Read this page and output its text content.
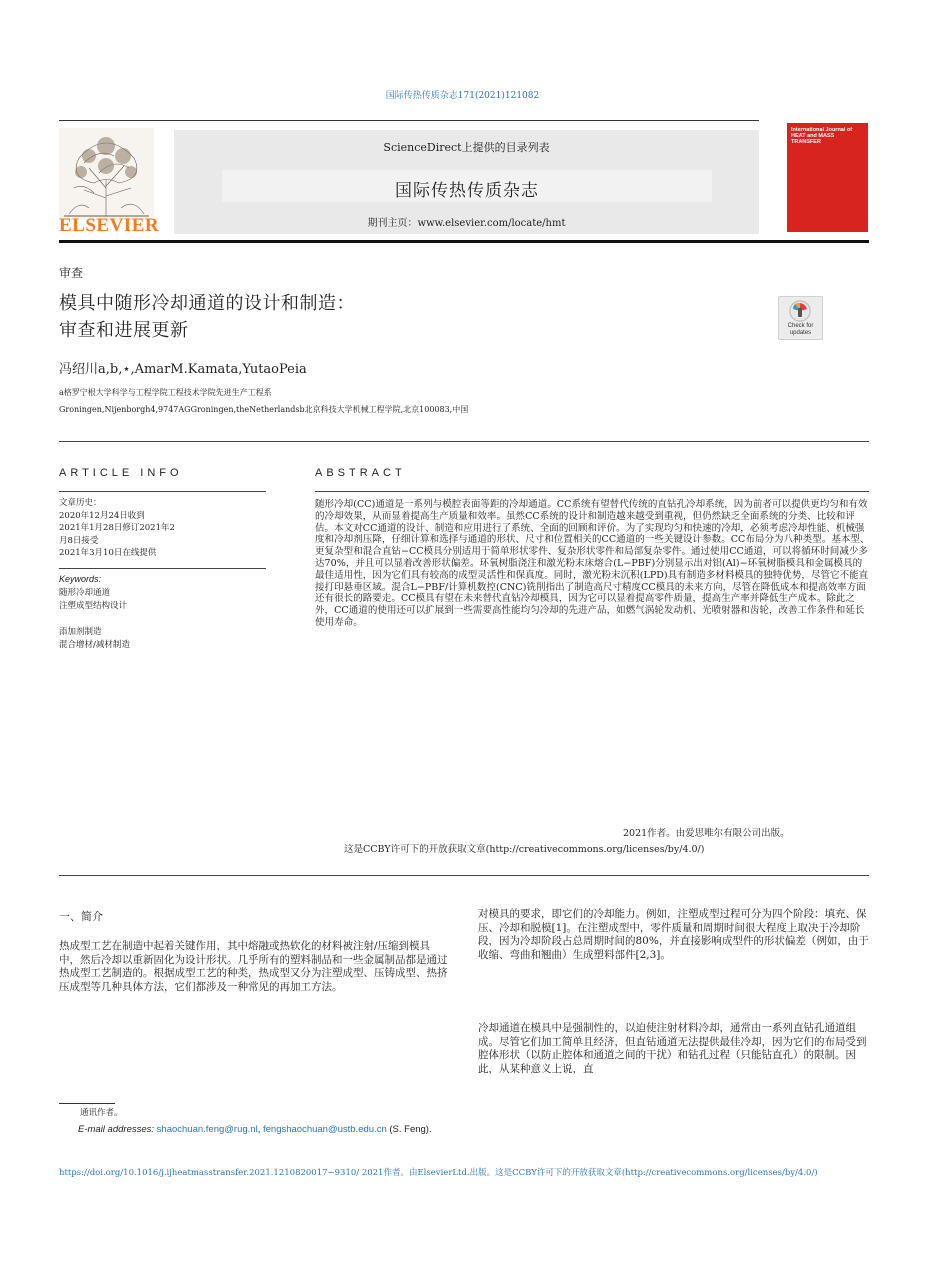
国际传热传质杂志171(2021)121082
ELSEVIER
ScienceDirect上提供的目录列表
国际传热传质杂志
期刊主页：www.elsevier.com/locate/hmt
International Journal of HEAT and MASS TRANSFER
审查
模具中随形冷却通道的设计和制造：
审查和进展更新	Check for updates
冯绍川a,b,⋆,AmarM.Kamata,YutaoPeia
a格罗宁根大学科学与工程学院工程技术学院先进生产工程系
Groningen,Nijenborgh4,9747AGGroningen,theNetherlandsb北京科技大学机械工程学院,北京100083,中国
ARTICLE INFO
文章历史：
2020年12月24日收到
2021年1月28日修订2021年2
月8日接受
2021年3月10日在线提供
Keywords:
随形冷却通道
注塑成型结构设计
添加剂制造
混合增材/减材制造
ABSTRACT
随形冷却(CC)通道是一系列与模腔表面等距的冷却通道。CC系统有望替代传统的直钻孔冷却系统，因为前者可以提供更均匀和有效的冷却效果，从而显着提高生产质量和效率。虽然CC系统的设计和制造越来越受到重视，但仍然缺乏全面系统的分类、比较和评估。本文对CC通道的设计、制造和应用进行了系统、全面的回顾和评价。为了实现均匀和快速的冷却，必须考虑冷却性能、机械强度和冷却剂压降，仔细计算和选择与通道的形状、尺寸和位置相关的CC通道的一些关键设计参数。CC布局分为八种类型。基本型、更复杂型和混合直钻−CC模具分别适用于简单形状零件、复杂形状零件和局部复杂零件。通过使用CC通道，可以将循环时间减少多达70%，并且可以显着改善形状偏差。环氧树脂浇注和激光粉末床熔合(L−PBF)分别显示出对铝(Al)−环氧树脂模具和金属模具的最佳适用性，因为它们具有较高的成型灵活性和保真度。同时，激光粉末沉积(LPD)具有制造多材料模具的独特优势，尽管它不能直接打印悬垂区域。混合L−PBF/计算机数控(CNC)铣削指出了制造高尺寸精度CC模具的未来方向，尽管在降低成本和提高效率方面还有很长的路要走。CC模具有望在未来替代直钻冷却模具，因为它可以显着提高零件质量，提高生产率并降低生产成本。除此之外，CC通道的使用还可以扩展到一些需要高性能均匀冷却的先进产品，如燃气涡轮发动机、光喷射器和齿轮，改善工作条件和延长使用寿命。
2021作者。由爱思唯尔有限公司出版。
这是CCBY许可下的开放获取文章(http://creativecommons.org/licenses/by/4.0/)
一、简介
热成型工艺在制造中起着关键作用，其中熔融或热软化的材料被注射/压缩到模具中，然后冷却以重新固化为设计形状。几乎所有的塑料制品和一些金属制品都是通过热成型工艺制造的。根据成型工艺的种类，热成型又分为注塑成型、压铸成型、热挤压成型等几种具体方法，它们都涉及一种常见的再加工方法。
对模具的要求，即它们的冷却能力。例如，注塑成型过程可分为四个阶段：填充、保压、冷却和脱模[1]。在注塑成型中，零件质量和周期时间很大程度上取决于冷却阶段，因为冷却阶段占总周期时间的80%，并直接影响成型件的形状偏差（例如，由于收缩、弯曲和翘曲）生成塑料部件[2,3]。
冷却通道在模具中是强制性的，以迫使注射材料冷却，通常由一系列直钻孔通道组成。尽管它们加工简单且经济，但直钻通道无法提供最佳冷却，因为它们的布局受到腔体形状（以防止腔体和通道之间的干扰）和钻孔过程（只能钻直孔）的限制。因此，从某种意义上说，直
通讯作者。
E-mail addresses: shaochuan.feng@rug.nl, fengshaochuan@ustb.edu.cn (S. Feng).
https://doi.org/10.1016/j.ijheatmasstransfer.2021.1210820017−9310/ 2021作者。由ElsevierLtd.出版。这是CCBY许可下的开放获取文章(http://creativecommons.org/licenses/by/4.0/)
